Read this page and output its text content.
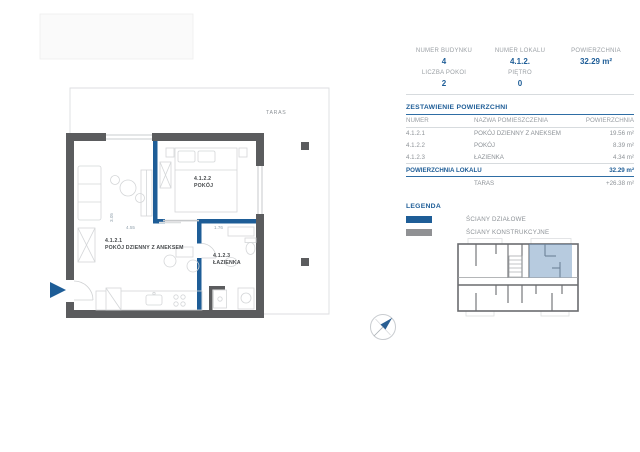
TARAS
4.1.2.1
POKÓJ DZIENNY Z ANEKSEM
4.1.2.2
POKÓJ
4.1.2.3
ŁAZIENKA
4.55	1.76
3.05
NUMER BUDYNKU
4
NUMER LOKALU
4.1.2.
POWIERZCHNIA
32.29 m²
LICZBA POKOI
2
PIĘTRO
0
ZESTAWIENIE POWIERZCHNI
NUMER	NAZWA POMIESZCZENIA	POWIERZCHNIA
4.1.2.1	POKÓJ DZIENNY Z ANEKSEM	19.56 m²
4.1.2.2	POKÓJ	8.39 m²
4.1.2.3	ŁAZIENKA	4.34 m²
POWIERZCHNIA LOKALU	32.29 m²
TARAS	+26.38 m²
LEGENDA
ŚCIANY DZIAŁOWE
ŚCIANY KONSTRUKCYJNE
